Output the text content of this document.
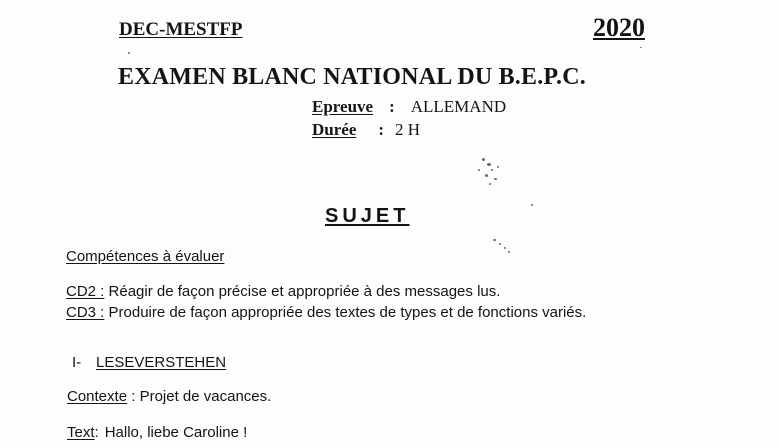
DEC-MESTFP	2020
EXAMEN BLANC NATIONAL DU B.E.P.C.
Epreuve : ALLEMAND
Durée : 2 H
SUJET
Compétences à évaluer
CD2 : Réagir de façon précise et appropriée à des messages lus.
CD3 : Produire de façon appropriée des textes de types et de fonctions variés.
I- LESEVERSTEHEN
Contexte : Projet de vacances.
Text: Hallo, liebe Caroline !
